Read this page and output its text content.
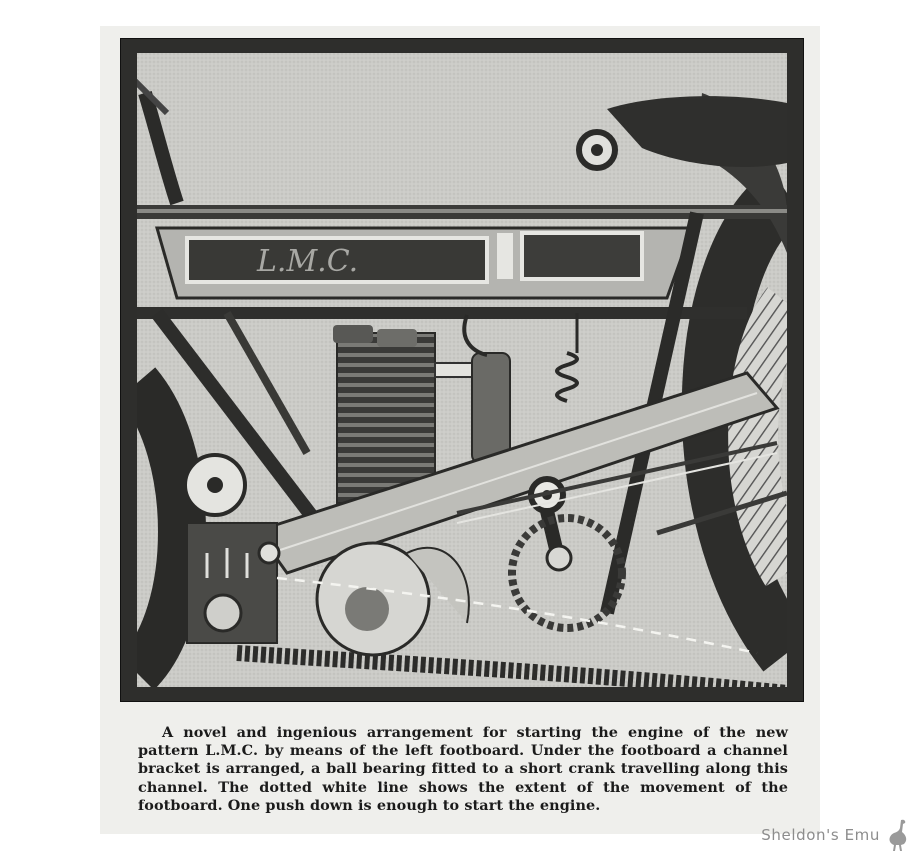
L.M.C.
A novel and ingenious arrangement for starting the engine of the new pattern L.M.C. by means of the left footboard. Under the footboard a channel bracket is arranged, a ball bearing fitted to a short crank travelling along this channel. The dotted white line shows the extent of the movement of the footboard. One push down is enough to start the engine.
Sheldon's Emu
